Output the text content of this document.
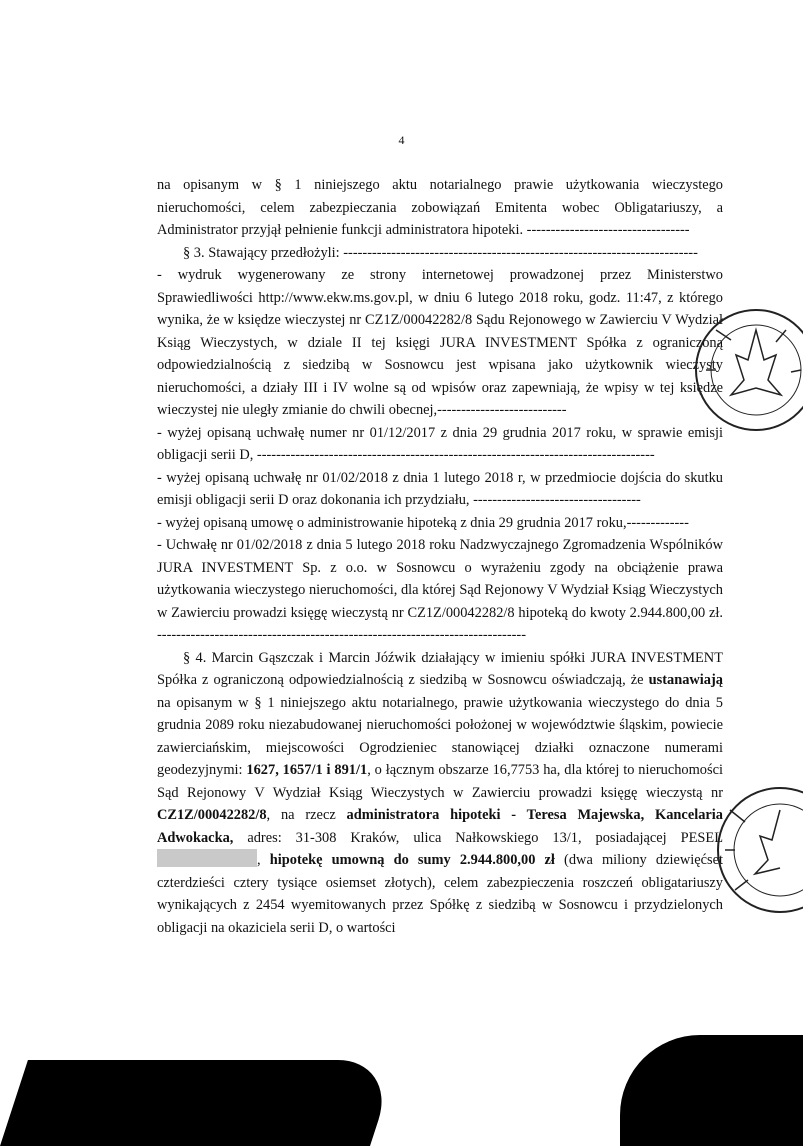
4

na opisanym w § 1 niniejszego aktu notarialnego prawie użytkowania wieczystego nieruchomości, celem zabezpieczania zobowiązań Emitenta wobec Obligatariuszy, a Administrator przyjął pełnienie funkcji administratora hipoteki. ----------------------------------

§ 3. Stawający przedłożyli: --------------------------------------------------------------------------

- wydruk wygenerowany ze strony internetowej prowadzonej przez Ministerstwo Sprawiedliwości http://www.ekw.ms.gov.pl, w dniu 6 lutego 2018 roku, godz. 11:47, z którego wynika, że w księdze wieczystej nr CZ1Z/00042282/8 Sądu Rejonowego w Zawierciu V Wydział Ksiąg Wieczystych, w dziale II tej księgi JURA INVESTMENT Spółka z ograniczoną odpowiedzialnością z siedzibą w Sosnowcu jest wpisana jako użytkownik wieczysty nieruchomości, a działy III i IV wolne są od wpisów oraz zapewniają, że wpisy w tej księdze wieczystej nie uległy zmianie do chwili obecnej,---------------------------

- wyżej opisaną uchwałę numer nr 01/12/2017 z dnia 29 grudnia 2017 roku, w sprawie emisji obligacji serii D, -----------------------------------------------------------------------------------

- wyżej opisaną uchwałę nr 01/02/2018 z dnia 1 lutego 2018 r, w przedmiocie dojścia do skutku emisji obligacji serii D oraz dokonania ich przydziału, -----------------------------------

- wyżej opisaną umowę o administrowanie hipoteką z dnia 29 grudnia 2017 roku,-------------

- Uchwałę nr 01/02/2018 z dnia 5 lutego 2018 roku Nadzwyczajnego Zgromadzenia Wspólników JURA INVESTMENT Sp. z o.o. w Sosnowcu o wyrażeniu zgody na obciążenie prawa użytkowania wieczystego nieruchomości, dla której Sąd Rejonowy V Wydział Ksiąg Wieczystych w Zawierciu prowadzi księgę wieczystą nr CZ1Z/00042282/8 hipoteką do kwoty 2.944.800,00 zł. -----------------------------------------------------------------------------

§ 4. Marcin Gąszczak i Marcin Jóźwik działający w imieniu spółki JURA INVESTMENT Spółka z ograniczoną odpowiedzialnością z siedzibą w Sosnowcu oświadczają, że ustanawiają na opisanym w § 1 niniejszego aktu notarialnego, prawie użytkowania wieczystego do dnia 5 grudnia 2089 roku niezabudowanej nieruchomości położonej w województwie śląskim, powiecie zawierciańskim, miejscowości Ogrodzieniec stanowiącej działki oznaczone numerami geodezyjnymi: 1627, 1657/1 i 891/1, o łącznym obszarze 16,7753 ha, dla której to nieruchomości Sąd Rejonowy V Wydział Ksiąg Wieczystych w Zawierciu prowadzi księgę wieczystą nr CZ1Z/00042282/8, na rzecz administratora hipoteki - Teresa Majewska, Kancelaria Adwokacka, adres: 31-308 Kraków, ulica Nałkowskiego 13/1, posiadającej PESEL , hipotekę umowną do sumy 2.944.800,00 zł (dwa miliony dziewięćset czterdzieści cztery tysiące osiemset złotych), celem zabezpieczenia roszczeń obligatariuszy wynikających z 2454 wyemitowanych przez Spółkę z siedzibą w Sosnowcu i przydzielonych obligacji na okaziciela serii D, o wartości
